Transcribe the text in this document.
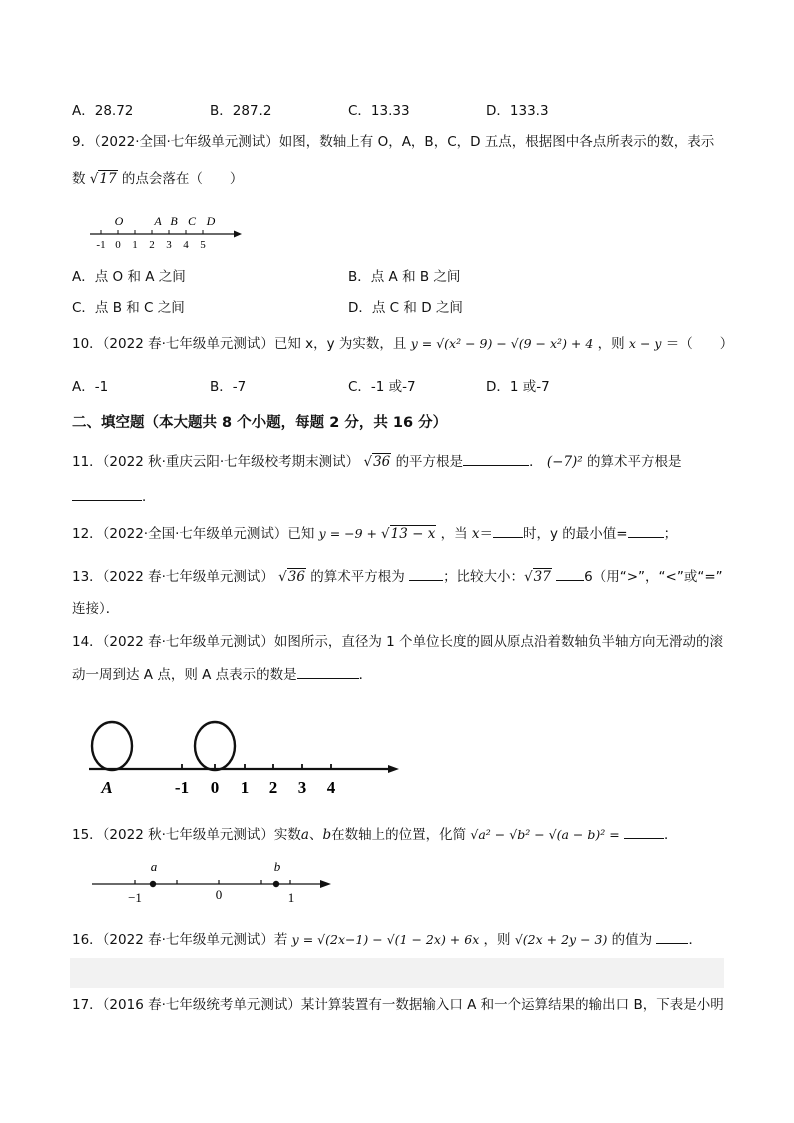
A．28.72	B．287.2	C．13.33	D．133.3
9．（2022·全国·七年级单元测试）如图，数轴上有 O，A，B，C，D 五点，根据图中各点所表示的数，表示
数 √17 的点会落在（　　）
-1 0 1 2 3 4 5
O	A B C D
A．点 O 和 A 之间	B．点 A 和 B 之间
C．点 B 和 C 之间	D．点 C 和 D 之间
10．（2022 春·七年级单元测试）已知 x，y 为实数，且 y = √(x² − 9) − √(9 − x²) + 4 ，则 x − y ＝（　　）
A．-1	B．-7	C．-1 或-7	D．1 或-7
二、填空题（本大题共 8 个小题，每题 2 分，共 16 分）
11．（2022 秋·重庆云阳·七年级校考期末测试） √36 的平方根是	． (−7)² 的算术平方根是
．
12．（2022·全国·七年级单元测试）已知 y = −9 + √13 − x ，当 x＝ 时，y 的最小值=	；
13．（2022 春·七年级单元测试） √36 的算术平方根为	；比较大小：√37 6（用“>”，“<”或“=”
连接）．
14．（2022 春·七年级单元测试）如图所示，直径为 1 个单位长度的圆从原点沿着数轴负半轴方向无滑动的滚
动一周到达 A 点，则 A 点表示的数是	．
A	-1 0 1 2 3 4
15．（2022 秋·七年级单元测试）实数a、b在数轴上的位置，化简 √a² − √b² − √(a − b)² =	．
a	b
−1	0	1
16．（2022 春·七年级单元测试）若 y = √(2x−1) − √(1 − 2x) + 6x ，则 √(2x + 2y − 3) 的值为	．
17．（2016 春·七年级统考单元测试）某计算装置有一数据输入口 A 和一个运算结果的输出口 B，下表是小明
